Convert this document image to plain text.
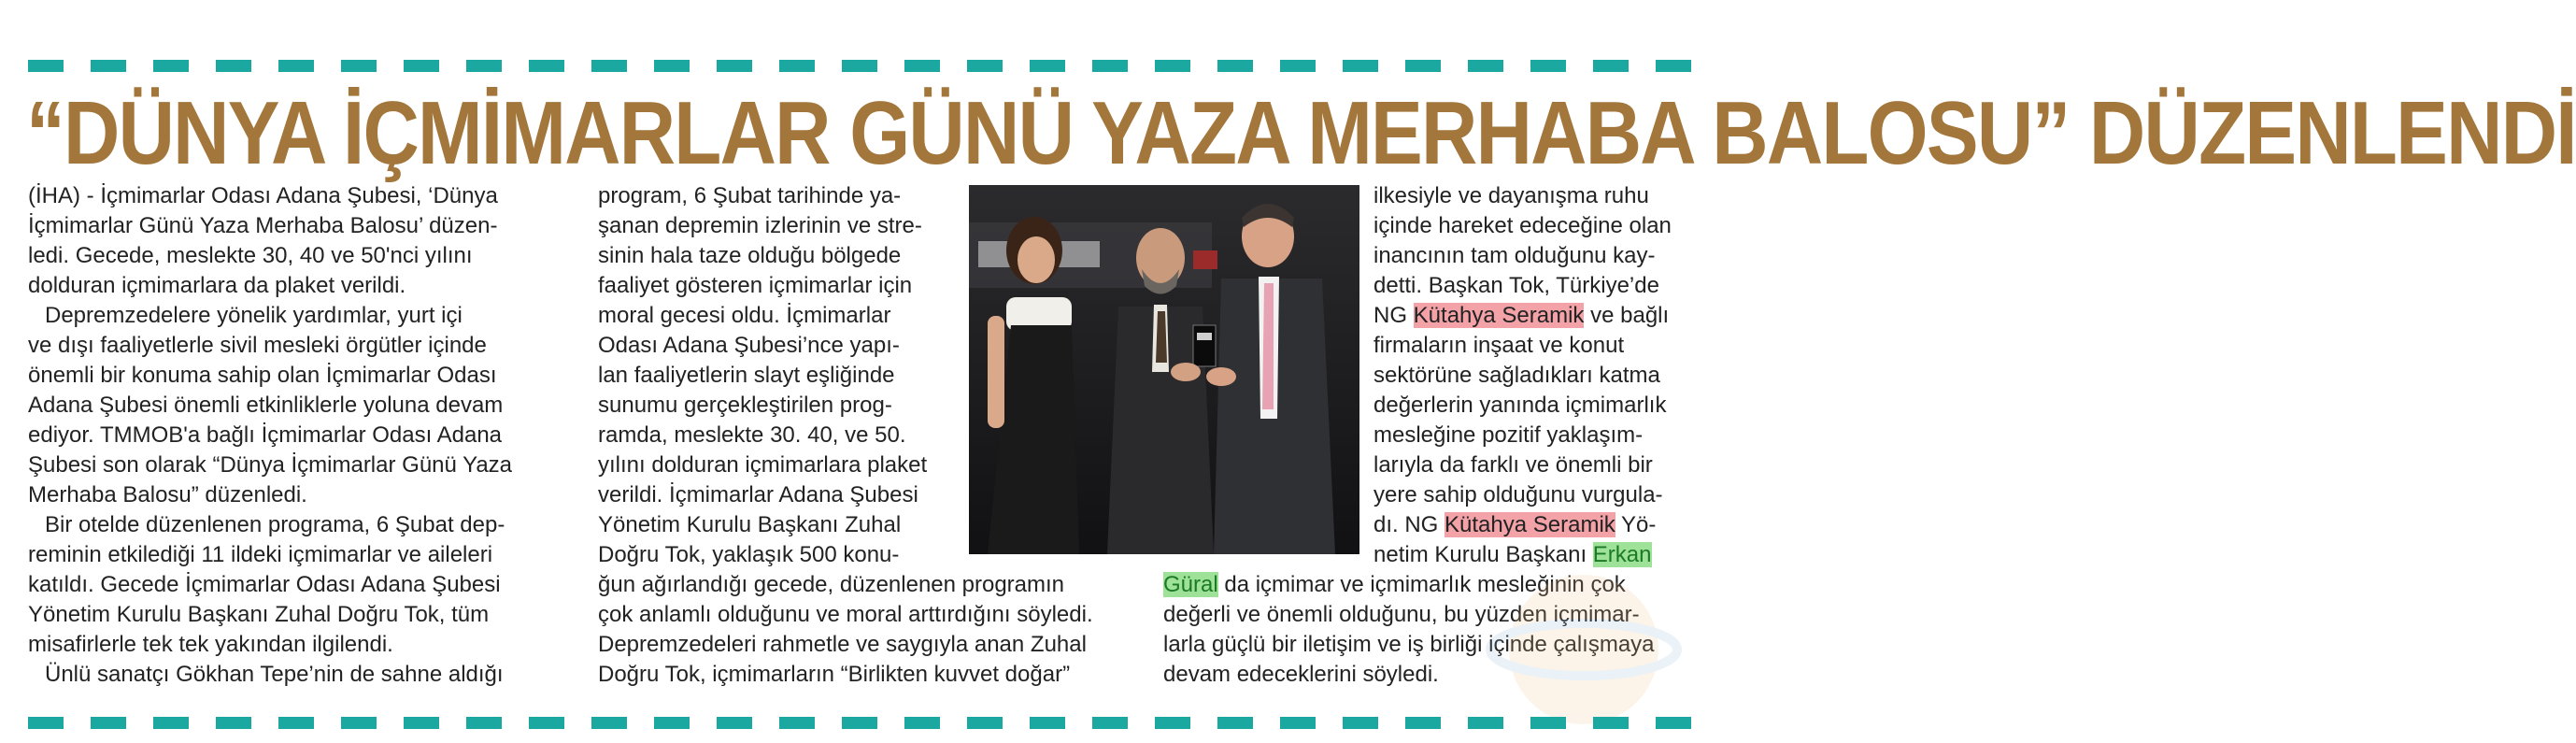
“DÜNYA İÇMİMARLAR GÜNÜ YAZA MERHABA BALOSU” DÜZENLENDİ

(İHA) - İçmimarlar Odası Adana Şubesi, ‘Dünya
İçmimarlar Günü Yaza Merhaba Balosu’ düzen-
ledi. Gecede, meslekte 30, 40 ve 50'nci yılını
dolduran içmimarlara da plaket verildi.

Depremzedelere yönelik yardımlar, yurt içi
ve dışı faaliyetlerle sivil mesleki örgütler içinde
önemli bir konuma sahip olan İçmimarlar Odası
Adana Şubesi önemli etkinliklerle yoluna devam
ediyor. TMMOB'a bağlı İçmimarlar Odası Adana
Şubesi son olarak “Dünya İçmimarlar Günü Yaza
Merhaba Balosu” düzenledi.

Bir otelde düzenlenen programa, 6 Şubat dep-
reminin etkilediği 11 ildeki içmimarlar ve aileleri
katıldı. Gecede İçmimarlar Odası Adana Şubesi
Yönetim Kurulu Başkanı Zuhal Doğru Tok, tüm
misafirlerle tek tek yakından ilgilendi.

Ünlü sanatçı Gökhan Tepe’nin de sahne aldığı

program, 6 Şubat tarihinde ya-
şanan depremin izlerinin ve stre-
sinin hala taze olduğu bölgede
faaliyet gösteren içmimarlar için
moral gecesi oldu. İçmimarlar
Odası Adana Şubesi’nce yapı-
lan faaliyetlerin slayt eşliğinde
sunumu gerçekleştirilen prog-
ramda, meslekte 30. 40, ve 50.
yılını dolduran içmimarlara plaket
verildi. İçmimarlar Adana Şubesi
Yönetim Kurulu Başkanı Zuhal
Doğru Tok, yaklaşık 500 konu-
ğun ağırlandığı gecede, düzenlenen programın
çok anlamlı olduğunu ve moral arttırdığını söyledi.
Depremzedeleri rahmetle ve saygıyla anan Zuhal
Doğru Tok, içmimarların “Birlikten kuvvet doğar”
ilkesiyle ve dayanışma ruhu
içinde hareket edeceğine olan
inancının tam olduğunu kay-
detti. Başkan Tok, Türkiye’de
NG Kütahya Seramik ve bağlı
firmaların inşaat ve konut
sektörüne sağladıkları katma
değerlerin yanında içmimarlık
mesleğine pozitif yaklaşım-
larıyla da farklı ve önemli bir
yere sahip olduğunu vurgula-
dı. NG Kütahya Seramik Yö-
netim Kurulu Başkanı Erkan
Güral da içmimar ve içmimarlık mesleğinin çok
değerli ve önemli olduğunu, bu yüzden içmimar-
larla güçlü bir iletişim ve iş birliği içinde çalışmaya
devam edeceklerini söyledi.
